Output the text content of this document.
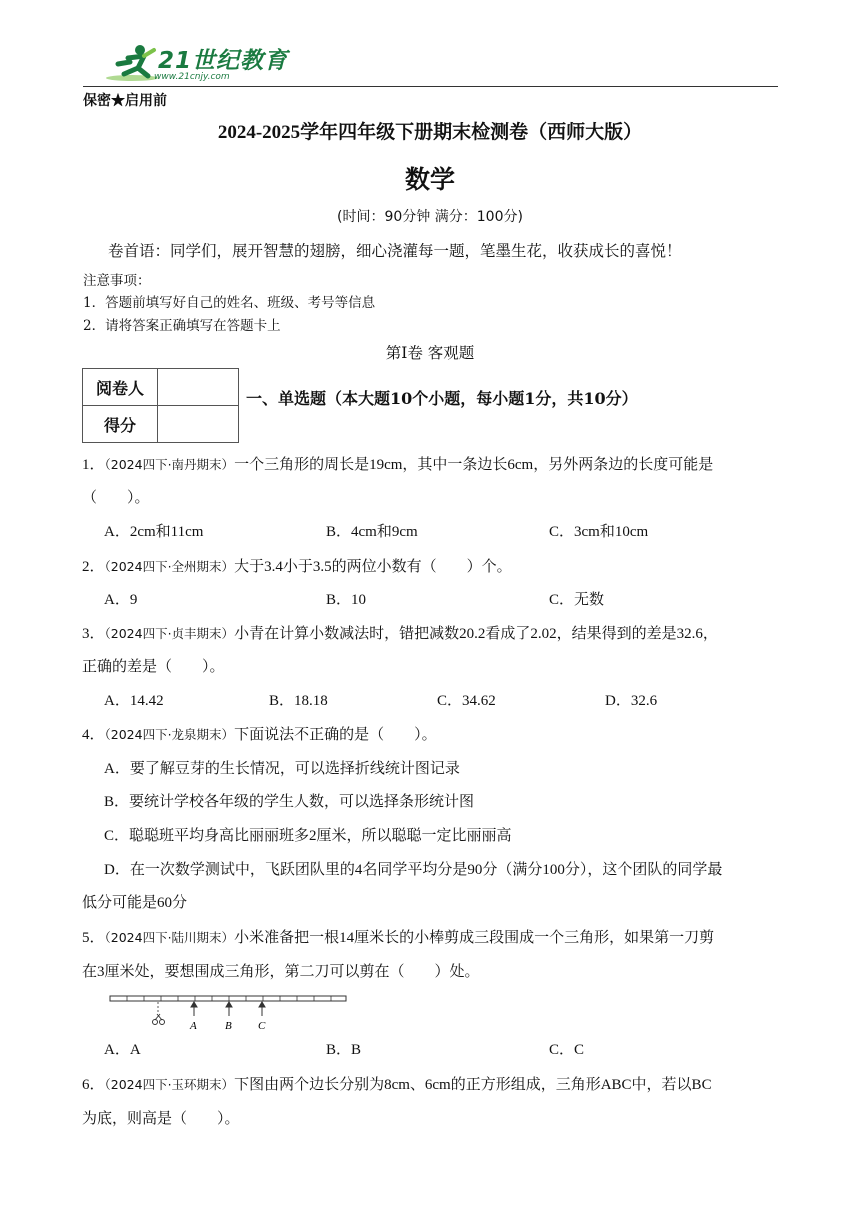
21世纪教育
www.21cnjy.com
保密★启用前
2024-2025学年四年级下册期末检测卷（西师大版）
数学
(时间：90分钟 满分：100分)
卷首语：同学们，展开智慧的翅膀，细心浇灌每一题，笔墨生花，收获成长的喜悦！
注意事项：
1．答题前填写好自己的姓名、班级、考号等信息
2．请将答案正确填写在答题卡上
第Ⅰ卷 客观题
阅卷人	
得分	
一、单选题（本大题10个小题，每小题1分，共10分）
1．（2024四下·南丹期末）一个三角形的周长是19cm，其中一条边长6cm，另外两条边的长度可能是
（　　）。
A．2cm和11cm	B．4cm和9cm	C．3cm和10cm
2．（2024四下·全州期末）大于3.4小于3.5的两位小数有（　　）个。
A．9	B．10	C．无数
3．（2024四下·贞丰期末）小青在计算小数减法时，错把减数20.2看成了2.02，结果得到的差是32.6，
正确的差是（　　）。
A．14.42	B．18.18	C．34.62	D．32.6
4．（2024四下·龙泉期末）下面说法不正确的是（　　）。
A．要了解豆芽的生长情况，可以选择折线统计图记录
B．要统计学校各年级的学生人数，可以选择条形统计图
C．聪聪班平均身高比丽丽班多2厘米，所以聪聪一定比丽丽高
D．在一次数学测试中，飞跃团队里的4名同学平均分是90分（满分100分），这个团队的同学最
低分可能是60分
5．（2024四下·陆川期末）小米准备把一根14厘米长的小棒剪成三段围成一个三角形，如果第一刀剪
在3厘米处，要想围成三角形，第二刀可以剪在（　　）处。
A	B C
A．A	B．B	C．C
6．（2024四下·玉环期末）下图由两个边长分别为8cm、6cm的正方形组成，三角形ABC中，若以BC
为底，则高是（　　）。
